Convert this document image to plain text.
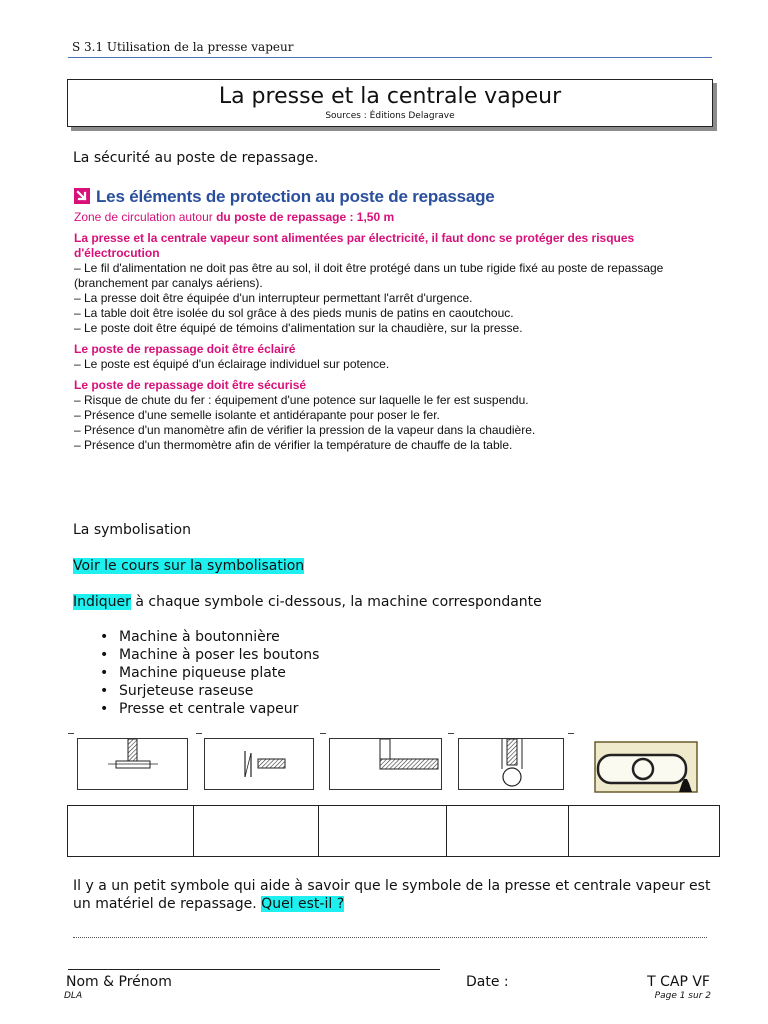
S 3.1 Utilisation de la presse vapeur
La presse et la centrale vapeur
Sources : Éditions Delagrave
La sécurité au poste de repassage.
Les éléments de protection au poste de repassage

Zone de circulation autour du poste de repassage : 1,50 m

La presse et la centrale vapeur sont alimentées par électricité, il faut donc se protéger des risques d'électrocution

– Le fil d'alimentation ne doit pas être au sol, il doit être protégé dans un tube rigide fixé au poste de repassage (branchement par canalys aériens).

– La presse doit être équipée d'un interrupteur permettant l'arrêt d'urgence.

– La table doit être isolée du sol grâce à des pieds munis de patins en caoutchouc.

– Le poste doit être équipé de témoins d'alimentation sur la chaudière, sur la presse.

Le poste de repassage doit être éclairé

– Le poste est équipé d'un éclairage individuel sur potence.

Le poste de repassage doit être sécurisé

– Risque de chute du fer : équipement d'une potence sur laquelle le fer est suspendu.

– Présence d'une semelle isolante et antidérapante pour poser le fer.

– Présence d'un manomètre afin de vérifier la pression de la vapeur dans la chaudière.

– Présence d'un thermomètre afin de vérifier la température de chauffe de la table.

La symbolisation
Voir le cours sur la symbolisation
Indiquer à chaque symbole ci-dessous, la machine correspondante
• Machine à boutonnière
• Machine à poser les boutons
• Machine piqueuse plate
• Surjeteuse raseuse
• Presse et centrale vapeur

Il y a un petit symbole qui aide à savoir que le symbole de la presse et centrale vapeur est un matériel de repassage. Quel est-il ?
Nom & Prénom	Date :	T CAP VF
DLA	Page 1 sur 2
